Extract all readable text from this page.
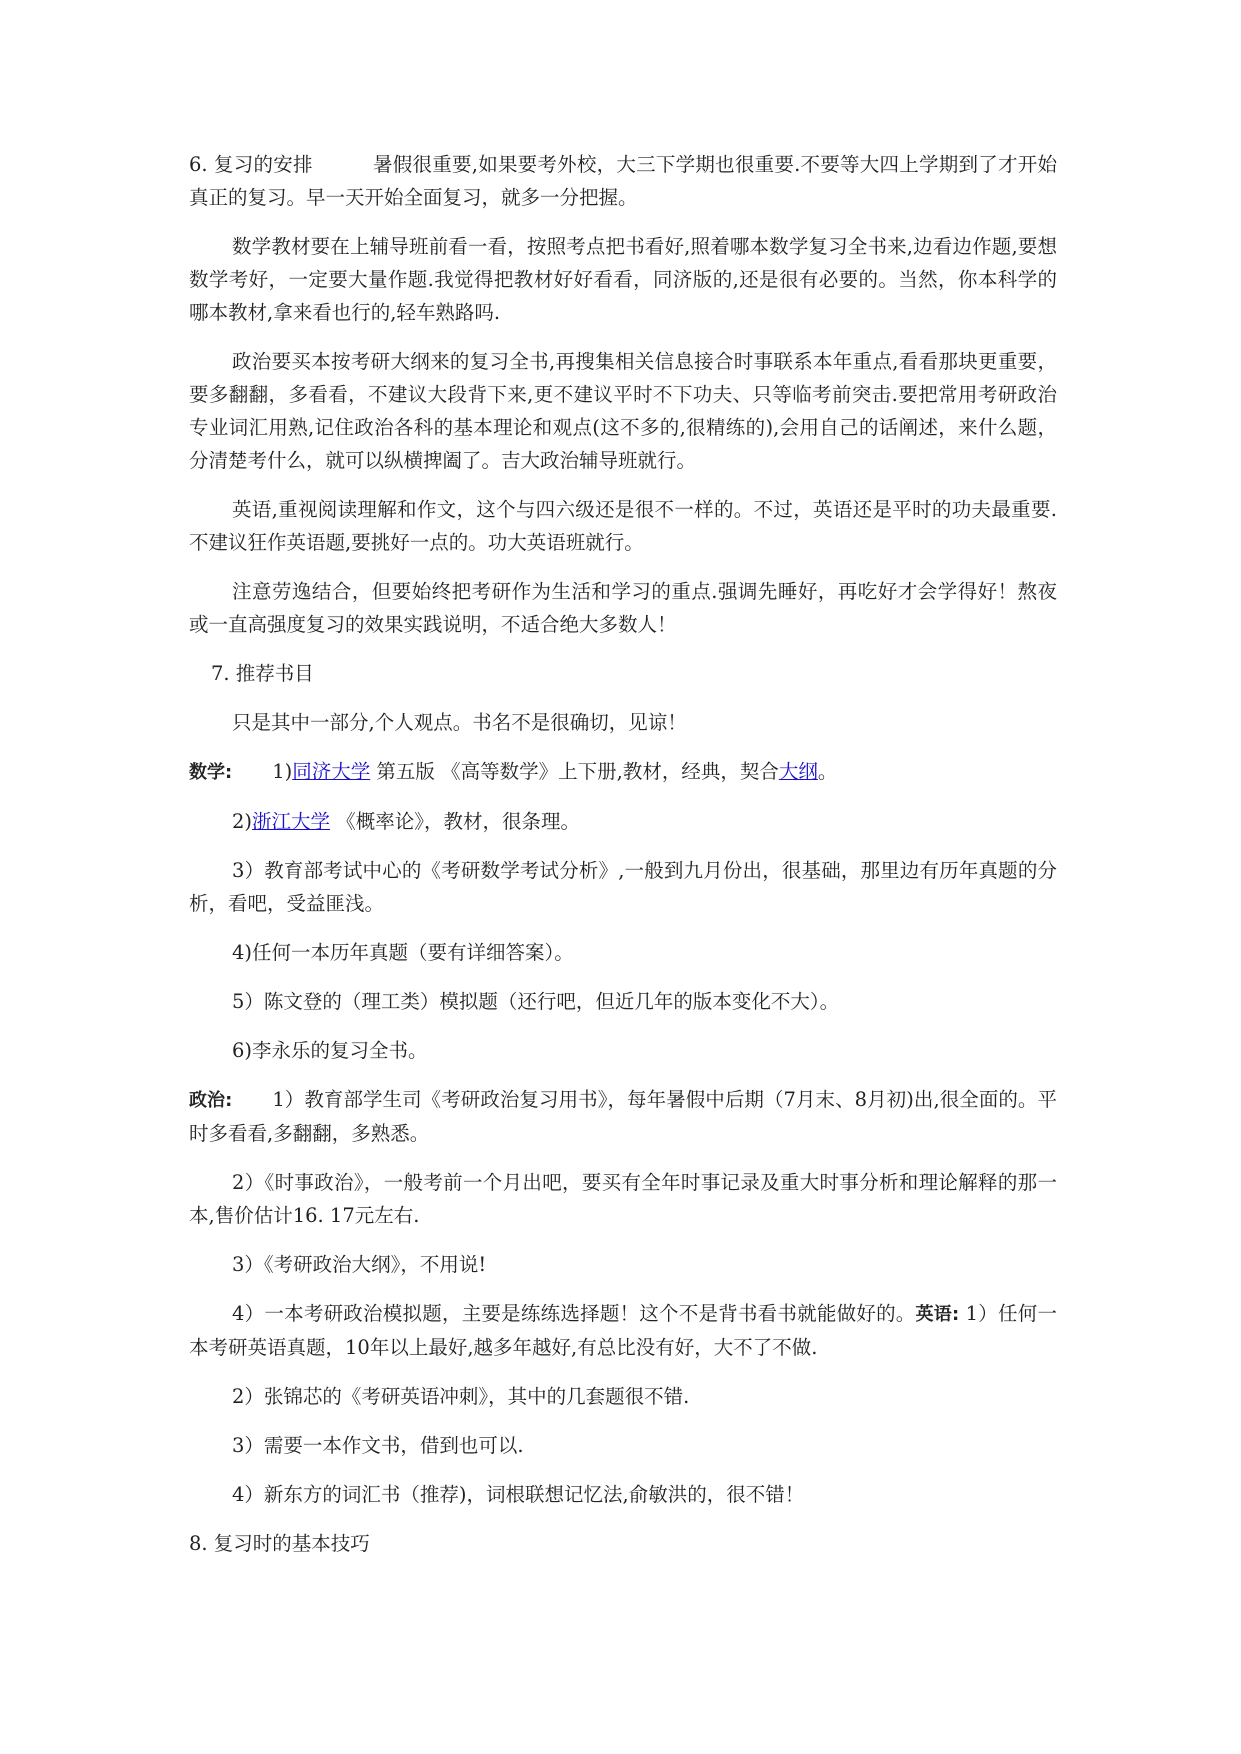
6. 复习的安排	暑假很重要,如果要考外校，大三下学期也很重要.不要等大四上学期到了才开始真正的复习。早一天开始全面复习，就多一分把握。

数学教材要在上辅导班前看一看，按照考点把书看好,照着哪本数学复习全书来,边看边作题,要想数学考好，一定要大量作题.我觉得把教材好好看看，同济版的,还是很有必要的。当然，你本科学的哪本教材,拿来看也行的,轻车熟路吗.

政治要买本按考研大纲来的复习全书,再搜集相关信息接合时事联系本年重点,看看那块更重要，要多翻翻，多看看，不建议大段背下来,更不建议平时不下功夫、只等临考前突击.要把常用考研政治专业词汇用熟,记住政治各科的基本理论和观点(这不多的,很精练的),会用自己的话阐述，来什么题，分清楚考什么，就可以纵横捭阖了。吉大政治辅导班就行。

英语,重视阅读理解和作文，这个与四六级还是很不一样的。不过，英语还是平时的功夫最重要.不建议狂作英语题,要挑好一点的。功大英语班就行。

注意劳逸结合，但要始终把考研作为生活和学习的重点.强调先睡好，再吃好才会学得好！熬夜或一直高强度复习的效果实践说明，不适合绝大多数人！

7. 推荐书目

只是其中一部分,个人观点。书名不是很确切，见谅！

数学: 1)同济大学 第五版 《高等数学》上下册,教材，经典，契合大纲。

2)浙江大学 《概率论》，教材，很条理。

3）教育部考试中心的《考研数学考试分析》,一般到九月份出，很基础，那里边有历年真题的分析，看吧，受益匪浅。

4)任何一本历年真题（要有详细答案）。

5）陈文登的（理工类）模拟题（还行吧，但近几年的版本变化不大）。

6)李永乐的复习全书。

政治: 1）教育部学生司《考研政治复习用书》，每年暑假中后期（7月末、8月初)出,很全面的。平时多看看,多翻翻，多熟悉。

2）《时事政治》，一般考前一个月出吧，要买有全年时事记录及重大时事分析和理论解释的那一本,售价估计16. 17元左右.

3）《考研政治大纲》，不用说!

4）一本考研政治模拟题，主要是练练选择题！这个不是背书看书就能做好的。英语: 1）任何一本考研英语真题，10年以上最好,越多年越好,有总比没有好，大不了不做.

2）张锦芯的《考研英语冲刺》，其中的几套题很不错.

3）需要一本作文书，借到也可以.

4）新东方的词汇书（推荐)，词根联想记忆法,俞敏洪的，很不错！

8. 复习时的基本技巧
